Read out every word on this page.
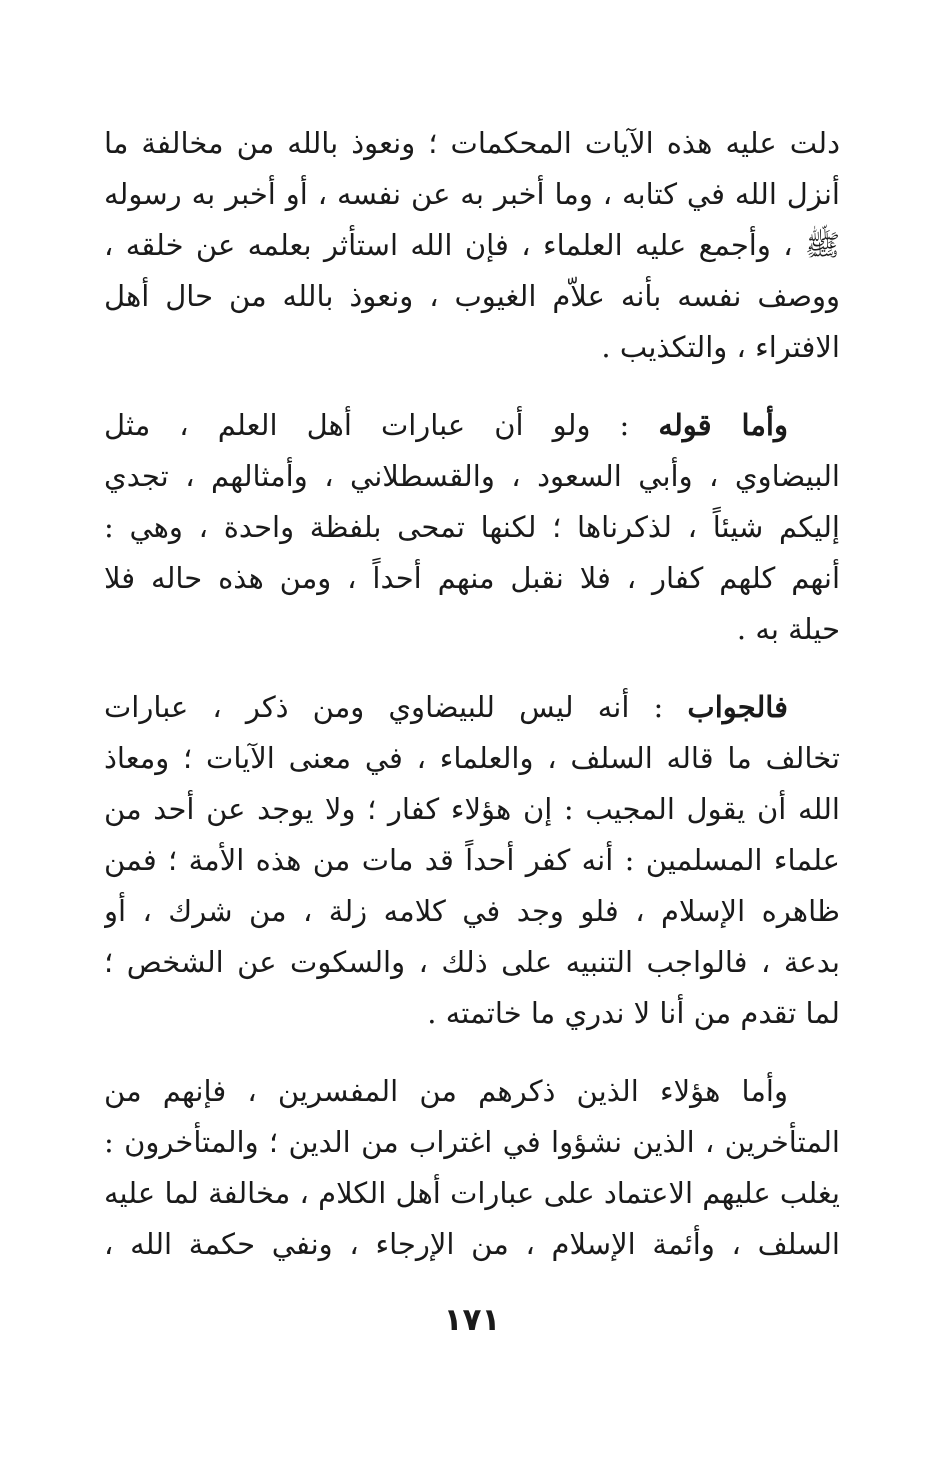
دلت عليه هذه الآيات المحكمات ؛ ونعوذ بالله من مخالفة ما
أنزل الله في كتابه ، وما أخبر به عن نفسه ، أو أخبر به رسوله
ﷺ ، وأجمع عليه العلماء ، فإن الله استأثر بعلمه عن خلقه ،
ووصف نفسه بأنه علاّم الغيوب ، ونعوذ بالله من حال أهل
الافتراء ، والتكذيب .

وأما قوله : ولو أن عبارات أهل العلم ، مثل
البيضاوي ، وأبي السعود ، والقسطلاني ، وأمثالهم ، تجدي
إليكم شيئاً ، لذكرناها ؛ لكنها تمحى بلفظة واحدة ، وهي :
أنهم كلهم كفار ، فلا نقبل منهم أحداً ، ومن هذه حاله فلا
حيلة به .

فالجواب : أنه ليس للبيضاوي ومن ذكر ، عبارات
تخالف ما قاله السلف ، والعلماء ، في معنى الآيات ؛ ومعاذ
الله أن يقول المجيب : إن هؤلاء كفار ؛ ولا يوجد عن أحد من
علماء المسلمين : أنه كفر أحداً قد مات من هذه الأمة ؛ فمن
ظاهره الإسلام ، فلو وجد في كلامه زلة ، من شرك ، أو
بدعة ، فالواجب التنبيه على ذلك ، والسكوت عن الشخص ؛
لما تقدم من أنا لا ندري ما خاتمته .

وأما هؤلاء الذين ذكرهم من المفسرين ، فإنهم من
المتأخرين ، الذين نشؤوا في اغتراب من الدين ؛ والمتأخرون :
يغلب عليهم الاعتماد على عبارات أهل الكلام ، مخالفة لما عليه
السلف ، وأئمة الإسلام ، من الإرجاء ، ونفي حكمة الله ،

١٧١
